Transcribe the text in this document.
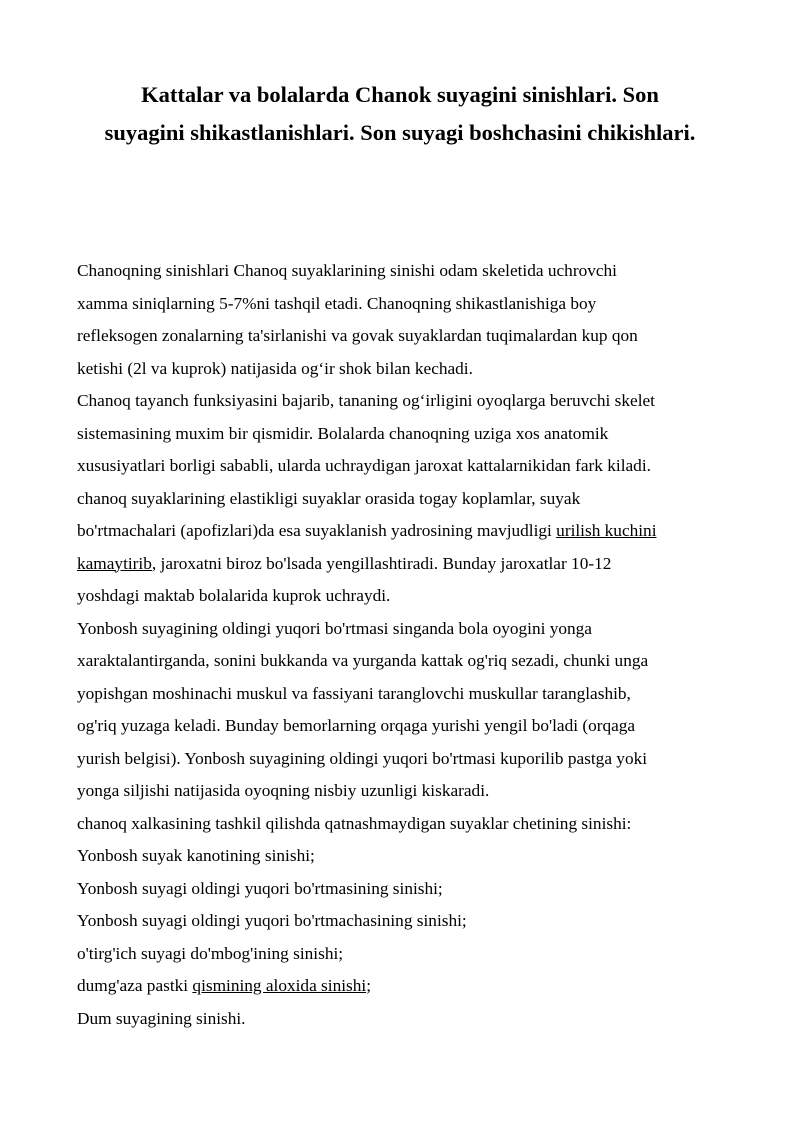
Kattalar va bolalarda Chanok suyagini sinishlari. Son
suyagini shikastlanishlari. Son suyagi boshchasini chikishlari.
Chanoqning sinishlari Chanoq suyaklarining sinishi odam skeletida uchrovchi
xamma siniqlarning 5-7%ni tashqil etadi. Chanoqning shikastlanishiga boy
refleksogen zonalarning ta'sirlanishi va govak suyaklardan tuqimalardan kup qon
ketishi (2l va kuprok) natijasida og‘ir shok bilan kechadi.
Chanoq tayanch funksiyasini bajarib, tananing og‘irligini oyoqlarga beruvchi skelet
sistemasining muxim bir qismidir. Bolalarda chanoqning uziga xos anatomik
xususiyatlari borligi sababli, ularda uchraydigan jaroxat kattalarnikidan fark kiladi.
chanoq suyaklarining elastikligi suyaklar orasida togay koplamlar, suyak
bo'rtmachalari (apofizlari)da esa suyaklanish yadrosining mavjudligi urilish kuchini
kamaytirib, jaroxatni biroz bo'lsada yengillashtiradi. Bunday jaroxatlar 10-12
yoshdagi maktab bolalarida kuprok uchraydi.
Yonbosh suyagining oldingi yuqori bo'rtmasi singanda bola oyogini yonga
xaraktalantirganda, sonini bukkanda va yurganda kattak og'riq sezadi, chunki unga
yopishgan moshinachi muskul va fassiyani taranglovchi muskullar taranglashib,
og'riq yuzaga keladi. Bunday bemorlarning orqaga yurishi yengil bo'ladi (orqaga
yurish belgisi). Yonbosh suyagining oldingi yuqori bo'rtmasi kuporilib pastga yoki
yonga siljishi natijasida oyoqning nisbiy uzunligi kiskaradi.
chanoq xalkasining tashkil qilishda qatnashmaydigan suyaklar chetining sinishi:
Yonbosh suyak kanotining sinishi;
Yonbosh suyagi oldingi yuqori bo'rtmasining sinishi;
Yonbosh suyagi oldingi yuqori bo'rtmachasining sinishi;
o'tirg'ich suyagi do'mbog'ining sinishi;
dumg'aza pastki qismining aloxida sinishi;
Dum suyagining sinishi.
